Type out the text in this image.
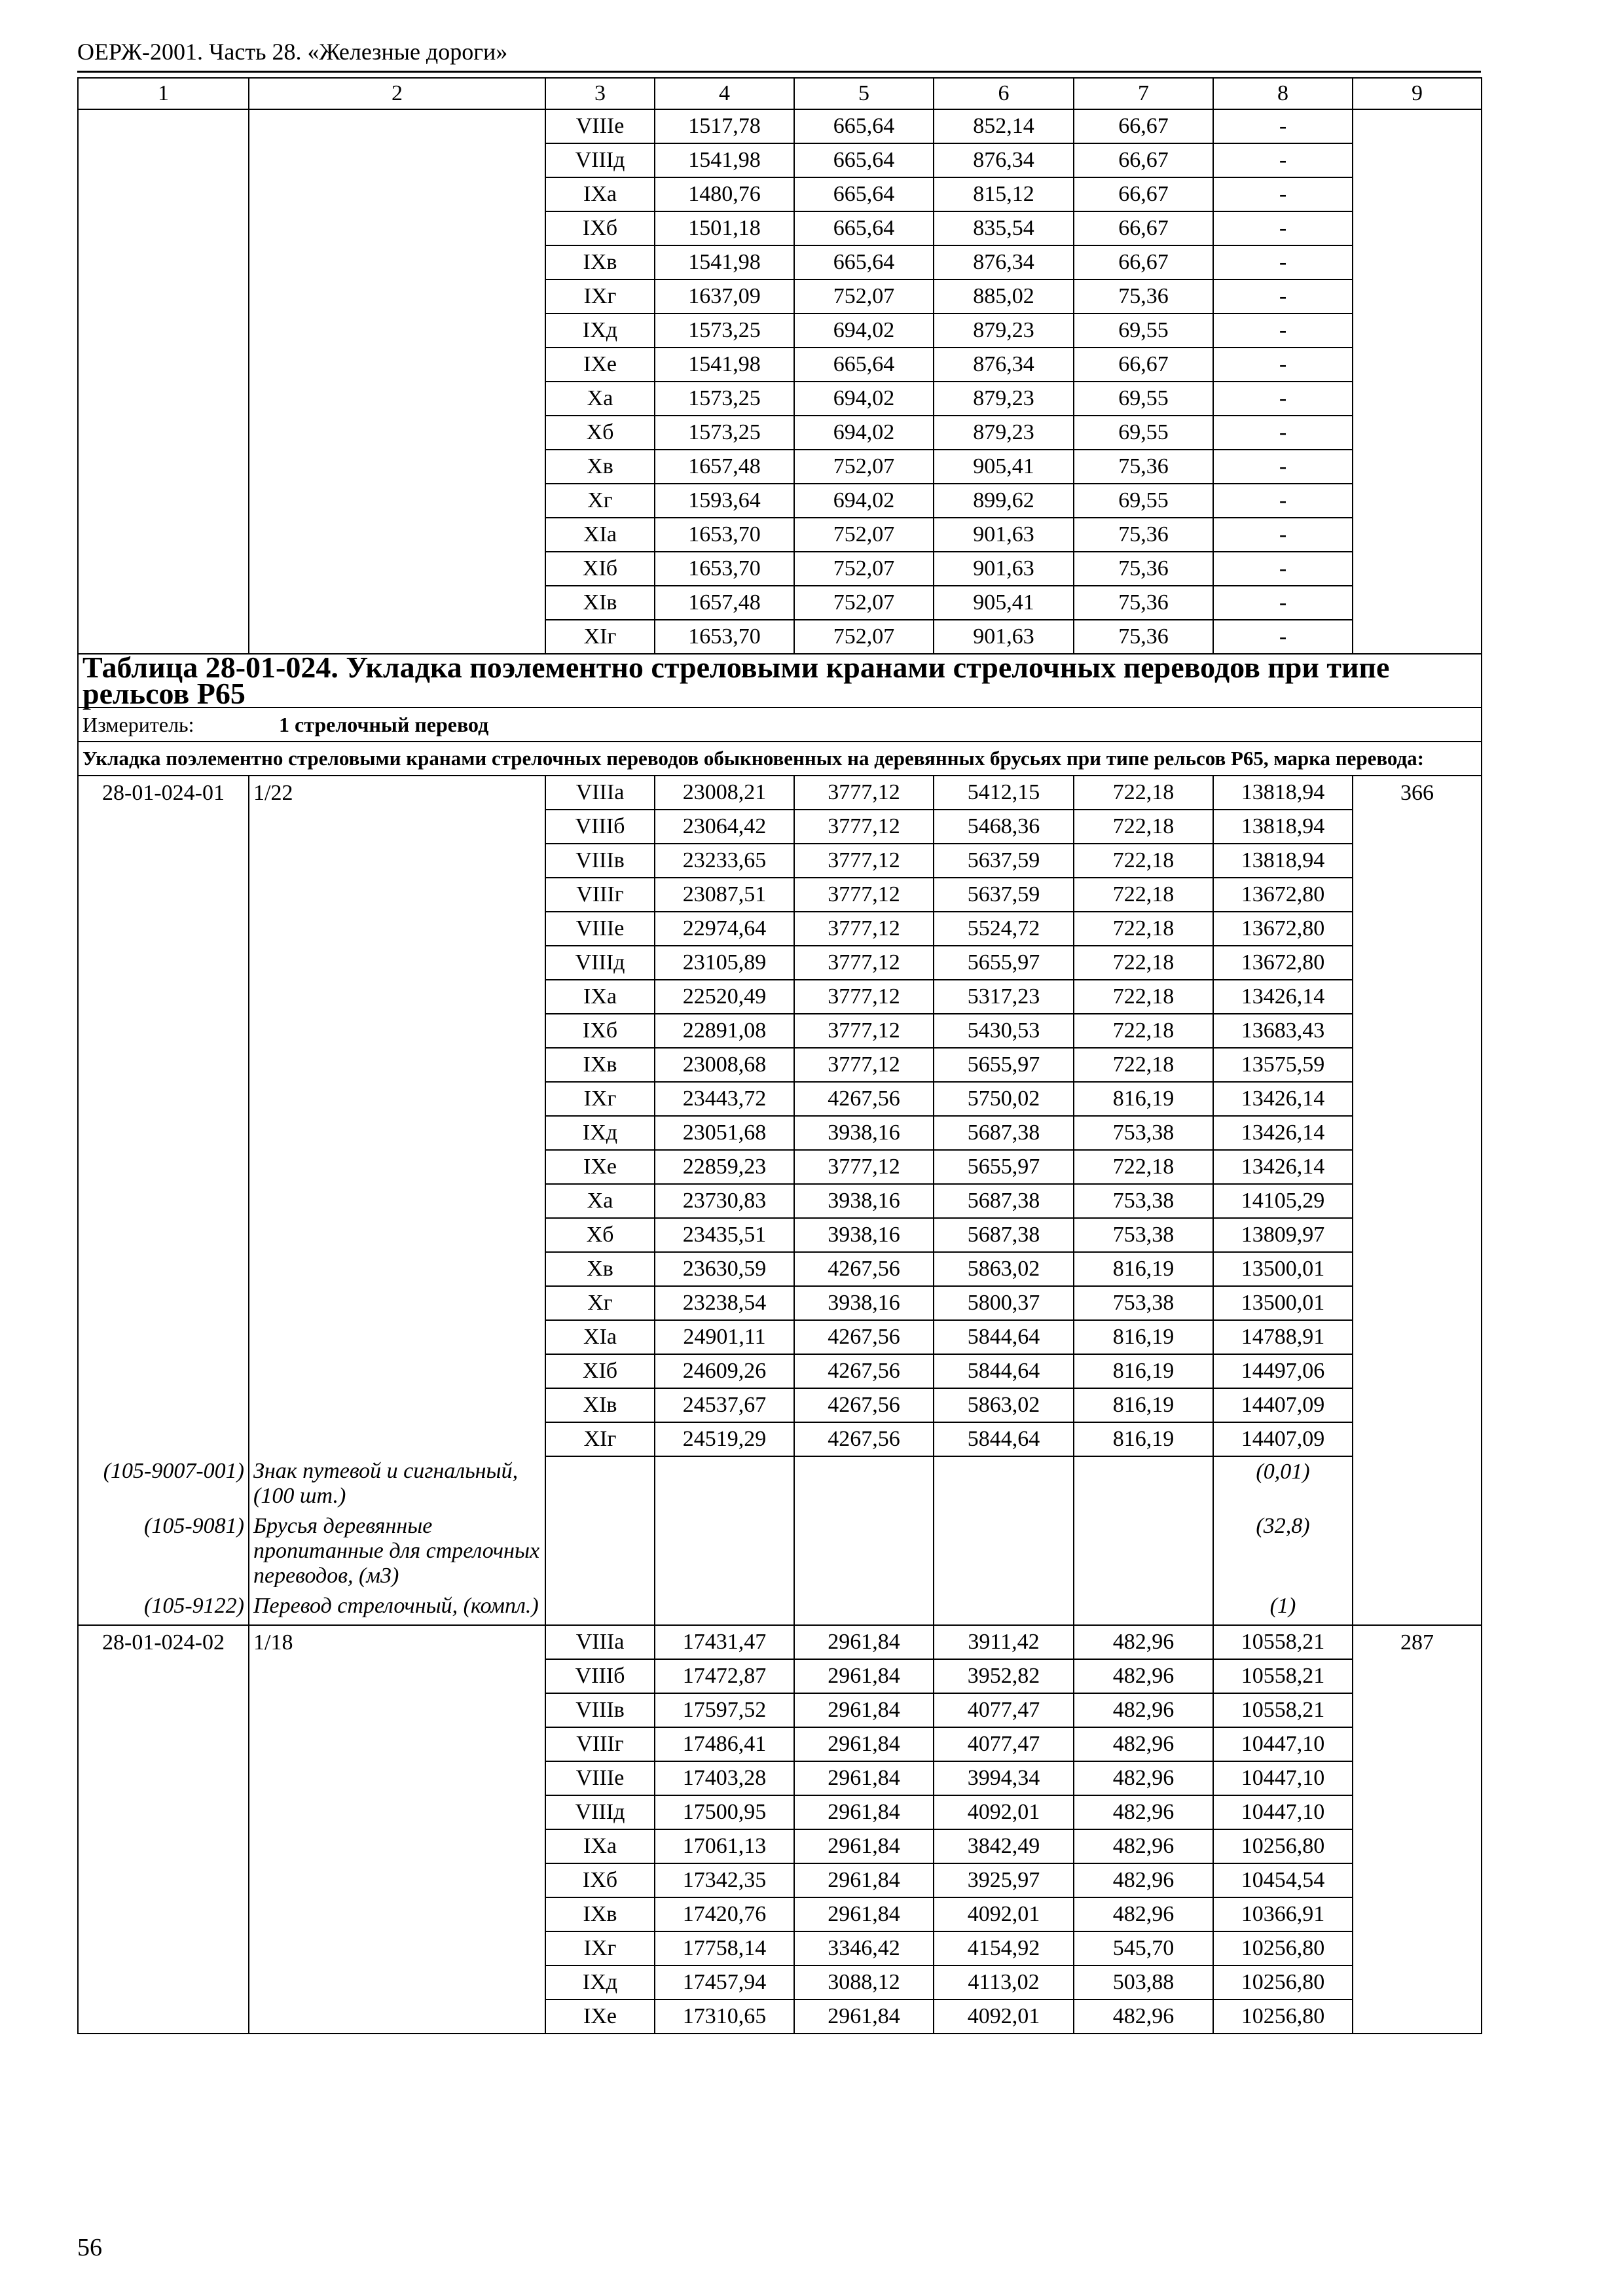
ОЕРЖ-2001. Часть 28. «Железные дороги»
1	2	3	4	5	6	7	8	9
		VIIIе	1517,78	665,64	852,14	66,67	-	
		VIIIд	1541,98	665,64	876,34	66,67	-	
		IXа	1480,76	665,64	815,12	66,67	-	
		IXб	1501,18	665,64	835,54	66,67	-	
		IXв	1541,98	665,64	876,34	66,67	-	
		IXг	1637,09	752,07	885,02	75,36	-	
		IXд	1573,25	694,02	879,23	69,55	-	
		IXе	1541,98	665,64	876,34	66,67	-	
		Xа	1573,25	694,02	879,23	69,55	-	
		Xб	1573,25	694,02	879,23	69,55	-	
		Xв	1657,48	752,07	905,41	75,36	-	
		Xг	1593,64	694,02	899,62	69,55	-	
		XIа	1653,70	752,07	901,63	75,36	-	
		XIб	1653,70	752,07	901,63	75,36	-	
		XIв	1657,48	752,07	905,41	75,36	-	
		XIг	1653,70	752,07	901,63	75,36	-	
Таблица 28-01-024. Укладка поэлементно стреловыми кранами стрелочных переводов при типе рельсов Р65								
Измеритель: 1 стрелочный перевод								
Укладка поэлементно стреловыми кранами стрелочных переводов обыкновенных на деревянных брусьях при типе рельсов Р65, марка перевода:								
28-01-024-01	1/22	VIIIа	23008,21	3777,12	5412,15	722,18	13818,94	366
		VIIIб	23064,42	3777,12	5468,36	722,18	13818,94	
		VIIIв	23233,65	3777,12	5637,59	722,18	13818,94	
		VIIIг	23087,51	3777,12	5637,59	722,18	13672,80	
		VIIIе	22974,64	3777,12	5524,72	722,18	13672,80	
		VIIIд	23105,89	3777,12	5655,97	722,18	13672,80	
		IXа	22520,49	3777,12	5317,23	722,18	13426,14	
		IXб	22891,08	3777,12	5430,53	722,18	13683,43	
		IXв	23008,68	3777,12	5655,97	722,18	13575,59	
		IXг	23443,72	4267,56	5750,02	816,19	13426,14	
		IXд	23051,68	3938,16	5687,38	753,38	13426,14	
		IXе	22859,23	3777,12	5655,97	722,18	13426,14	
		Xа	23730,83	3938,16	5687,38	753,38	14105,29	
		Xб	23435,51	3938,16	5687,38	753,38	13809,97	
		Xв	23630,59	4267,56	5863,02	816,19	13500,01	
		Xг	23238,54	3938,16	5800,37	753,38	13500,01	
		XIа	24901,11	4267,56	5844,64	816,19	14788,91	
		XIб	24609,26	4267,56	5844,64	816,19	14497,06	
		XIв	24537,67	4267,56	5863,02	816,19	14407,09	
		XIг	24519,29	4267,56	5844,64	816,19	14407,09	
(105-9007-001)	Знак путевой и сигнальный, (100 шт.)						(0,01)	
(105-9081)	Брусья деревянные пропитанные для стрелочных переводов, (м3)						(32,8)	
(105-9122)	Перевод стрелочный, (компл.)						(1)	
28-01-024-02	1/18	VIIIа	17431,47	2961,84	3911,42	482,96	10558,21	287
		VIIIб	17472,87	2961,84	3952,82	482,96	10558,21	
		VIIIв	17597,52	2961,84	4077,47	482,96	10558,21	
		VIIIг	17486,41	2961,84	4077,47	482,96	10447,10	
		VIIIе	17403,28	2961,84	3994,34	482,96	10447,10	
		VIIIд	17500,95	2961,84	4092,01	482,96	10447,10	
		IXа	17061,13	2961,84	3842,49	482,96	10256,80	
		IXб	17342,35	2961,84	3925,97	482,96	10454,54	
		IXв	17420,76	2961,84	4092,01	482,96	10366,91	
		IXг	17758,14	3346,42	4154,92	545,70	10256,80	
		IXд	17457,94	3088,12	4113,02	503,88	10256,80	
		IXе	17310,65	2961,84	4092,01	482,96	10256,80	
56
